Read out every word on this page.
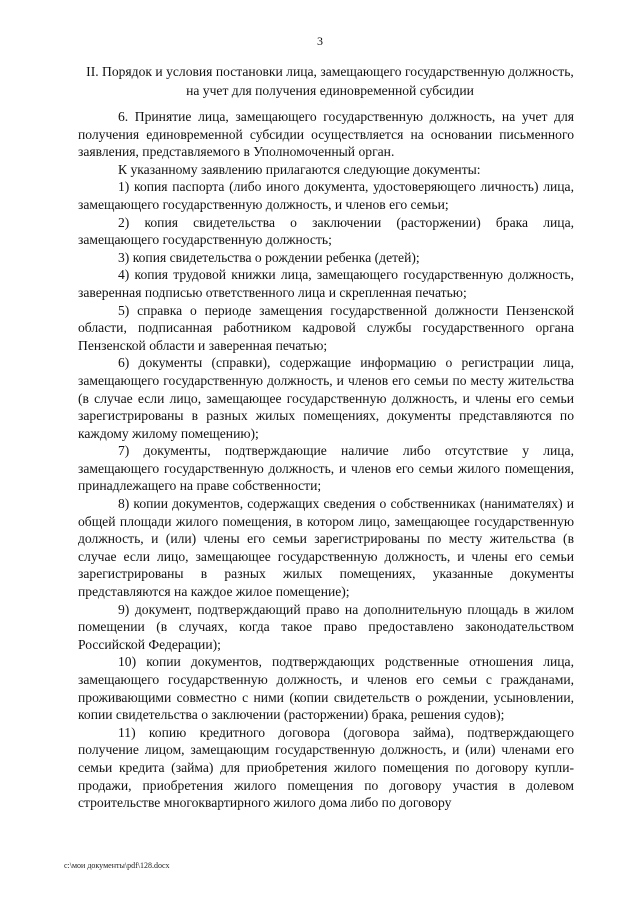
3
II. Порядок и условия постановки лица, замещающего государственную должность, на учет для получения единовременной субсидии

6. Принятие лица, замещающего государственную должность, на учет для получения единовременной субсидии осуществляется на основании письменного заявления, представляемого в Уполномоченный орган.

К указанному заявлению прилагаются следующие документы:

1) копия паспорта (либо иного документа, удостоверяющего личность) лица, замещающего государственную должность, и членов его семьи;

2) копия свидетельства о заключении (расторжении) брака лица, замещающего государственную должность;

3) копия свидетельства о рождении ребенка (детей);

4) копия трудовой книжки лица, замещающего государственную должность, заверенная подписью ответственного лица и скрепленная печатью;

5) справка о периоде замещения государственной должности Пензенской области, подписанная работником кадровой службы государственного органа Пензенской области и заверенная печатью;

6) документы (справки), содержащие информацию о регистрации лица, замещающего государственную должность, и членов его семьи по месту жительства (в случае если лицо, замещающее государственную должность, и члены его семьи зарегистрированы в разных жилых помещениях, документы представляются по каждому жилому помещению);

7) документы, подтверждающие наличие либо отсутствие у лица, замещающего государственную должность, и членов его семьи жилого помещения, принадлежащего на праве собственности;

8) копии документов, содержащих сведения о собственниках (нанимателях) и общей площади жилого помещения, в котором лицо, замещающее государственную должность, и (или) члены его семьи зарегистрированы по месту жительства (в случае если лицо, замещающее государственную должность, и члены его семьи зарегистрированы в разных жилых помещениях, указанные документы представляются на каждое жилое помещение);

9) документ, подтверждающий право на дополнительную площадь в жилом помещении (в случаях, когда такое право предоставлено законодательством Российской Федерации);

10) копии документов, подтверждающих родственные отношения лица, замещающего государственную должность, и членов его семьи с гражданами, проживающими совместно с ними (копии свидетельств о рождении, усыновлении, копии свидетельства о заключении (расторжении) брака, решения судов);

11) копию кредитного договора (договора займа), подтверждающего получение лицом, замещающим государственную должность, и (или) членами его семьи кредита (займа) для приобретения жилого помещения по договору купли-продажи, приобретения жилого помещения по договору участия в долевом строительстве многоквартирного жилого дома либо по договору

c:\мои документы\pdf\128.docx
